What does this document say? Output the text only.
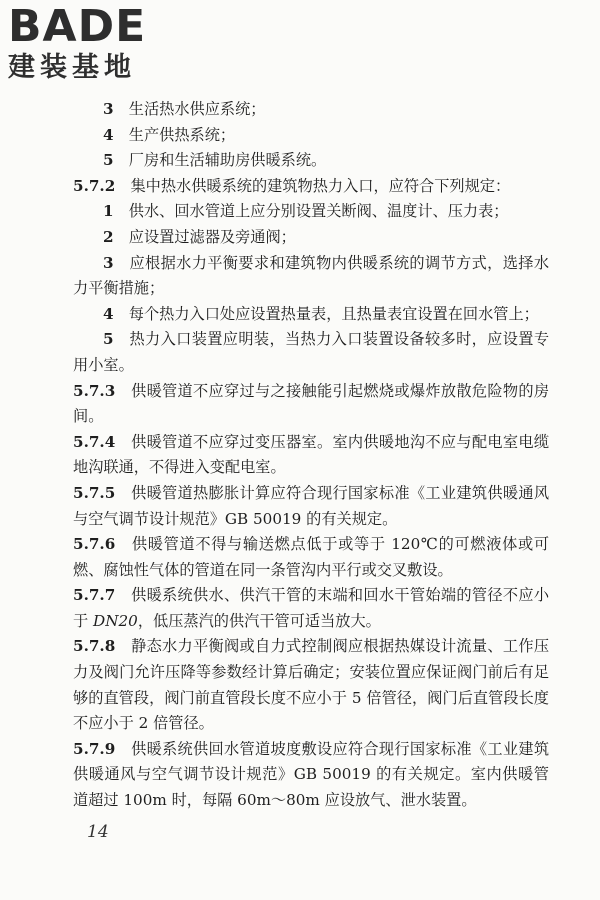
BADE
建装基地

3　 生活热水供应系统；

4　 生产供热系统；

5　 厂房和生活辅助房供暖系统。

5.7.2　 集中热水供暖系统的建筑物热力入口，应符合下列规定：

1　 供水、回水管道上应分别设置关断阀、温度计、压力表；

2　 应设置过滤器及旁通阀；

3　 应根据水力平衡要求和建筑物内供暖系统的调节方式，选择水力平衡措施；

4　 每个热力入口处应设置热量表，且热量表宜设置在回水管上；

5　 热力入口装置应明装，当热力入口装置设备较多时，应设置专用小室。

5.7.3　 供暖管道不应穿过与之接触能引起燃烧或爆炸放散危险物的房间。

5.7.4　 供暖管道不应穿过变压器室。室内供暖地沟不应与配电室电缆地沟联通，不得进入变配电室。

5.7.5　 供暖管道热膨胀计算应符合现行国家标准《工业建筑供暖通风与空气调节设计规范》GB 50019 的有关规定。

5.7.6　 供暖管道不得与输送燃点低于或等于 120℃的可燃液体或可燃、腐蚀性气体的管道在同一条管沟内平行或交叉敷设。

5.7.7　 供暖系统供水、供汽干管的末端和回水干管始端的管径不应小于 DN20，低压蒸汽的供汽干管可适当放大。

5.7.8　 静态水力平衡阀或自力式控制阀应根据热媒设计流量、工作压力及阀门允许压降等参数经计算后确定；安装位置应保证阀门前后有足够的直管段，阀门前直管段长度不应小于 5 倍管径，阀门后直管段长度不应小于 2 倍管径。

5.7.9　 供暖系统供回水管道坡度敷设应符合现行国家标准《工业建筑供暖通风与空气调节设计规范》GB 50019 的有关规定。室内供暖管道超过 100m 时，每隔 60m～80m 应设放气、泄水装置。

14
